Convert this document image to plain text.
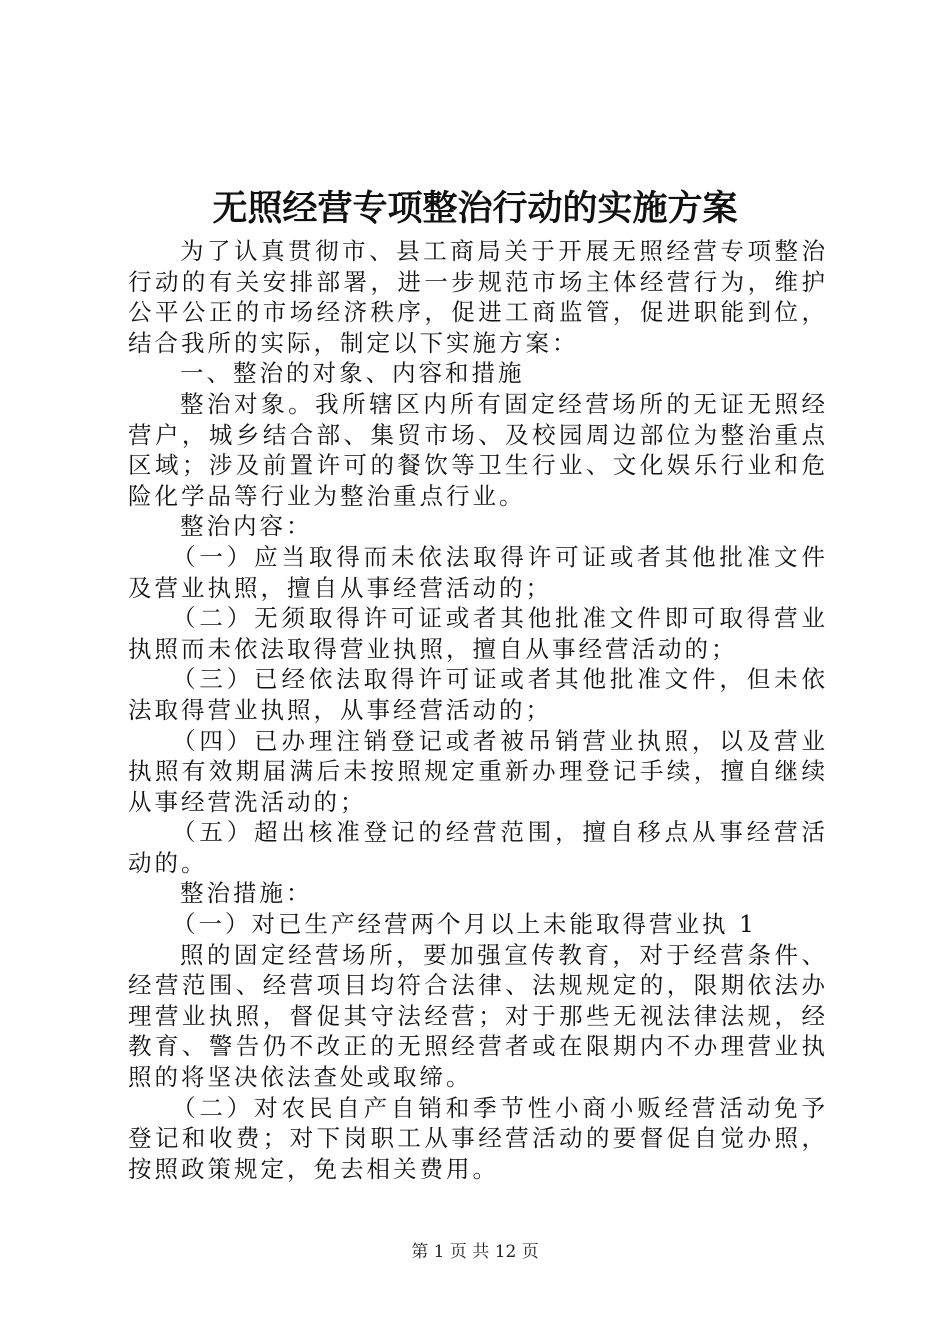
无照经营专项整治行动的实施方案

为了认真贯彻市、县工商局关于开展无照经营专项整治行动的有关安排部署，进一步规范市场主体经营行为，维护公平公正的市场经济秩序，促进工商监管，促进职能到位，结合我所的实际，制定以下实施方案：

一、整治的对象、内容和措施

整治对象。我所辖区内所有固定经营场所的无证无照经营户，城乡结合部、集贸市场、及校园周边部位为整治重点区域；涉及前置许可的餐饮等卫生行业、文化娱乐行业和危险化学品等行业为整治重点行业。

整治内容：

（一）应当取得而未依法取得许可证或者其他批准文件及营业执照，擅自从事经营活动的；

（二）无须取得许可证或者其他批准文件即可取得营业执照而未依法取得营业执照，擅自从事经营活动的；

（三）已经依法取得许可证或者其他批准文件，但未依法取得营业执照，从事经营活动的；

（四）已办理注销登记或者被吊销营业执照，以及营业执照有效期届满后未按照规定重新办理登记手续，擅自继续从事经营洗活动的；

（五）超出核准登记的经营范围，擅自移点从事经营活动的。

整治措施：

（一）对已生产经营两个月以上未能取得营业执 1

照的固定经营场所，要加强宣传教育，对于经营条件、经营范围、经营项目均符合法律、法规规定的，限期依法办理营业执照，督促其守法经营；对于那些无视法律法规，经教育、警告仍不改正的无照经营者或在限期内不办理营业执照的将坚决依法查处或取缔。

（二）对农民自产自销和季节性小商小贩经营活动免予登记和收费；对下岗职工从事经营活动的要督促自觉办照，按照政策规定，免去相关费用。

第 1 页 共 12 页
